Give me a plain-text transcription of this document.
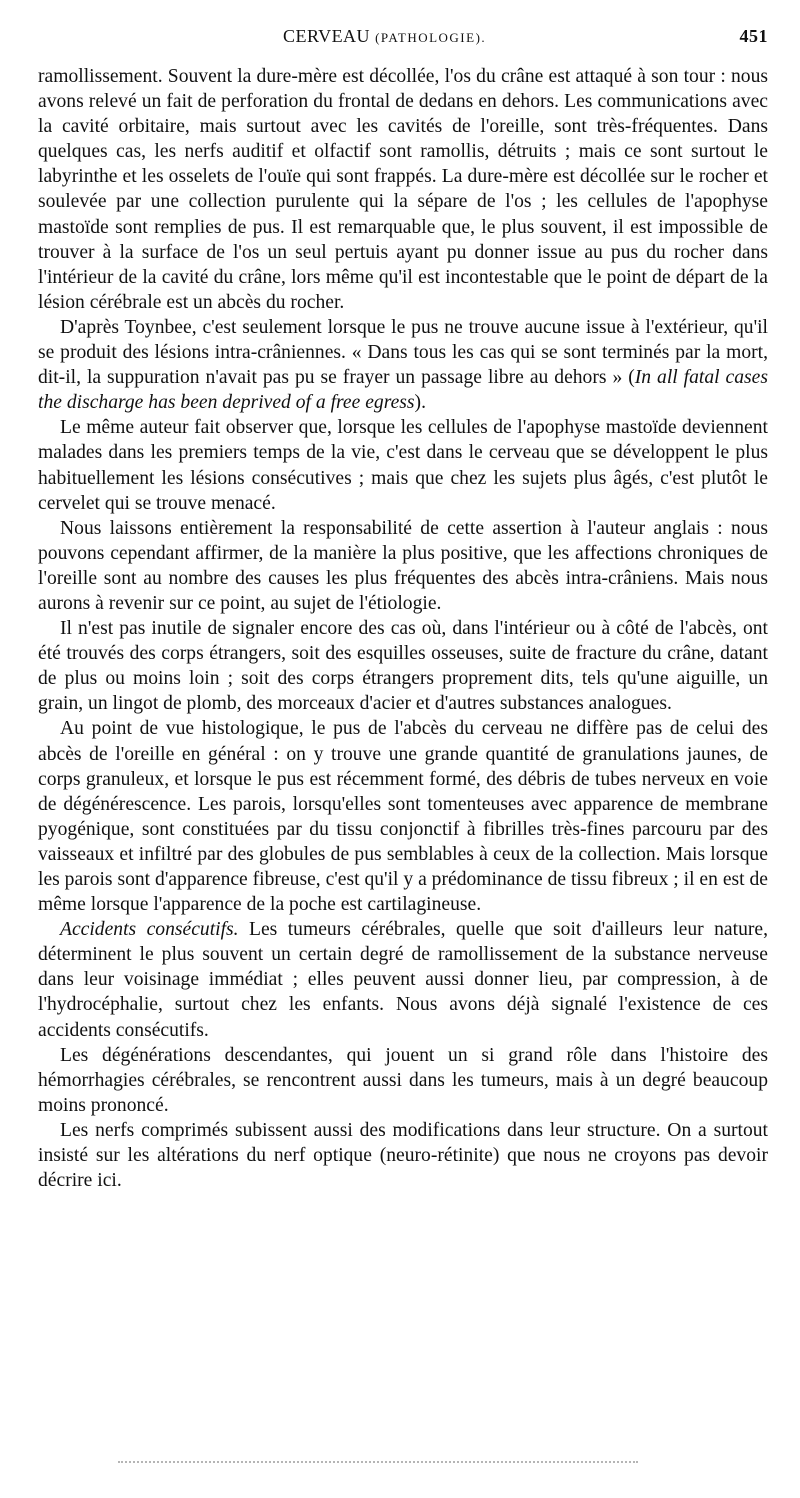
CERVEAU (PATHOLOGIE).	451

ramollissement. Souvent la dure-mère est décollée, l'os du crâne est attaqué à son tour : nous avons relevé un fait de perforation du frontal de dedans en dehors. Les communications avec la cavité orbitaire, mais surtout avec les cavités de l'oreille, sont très-fréquentes. Dans quelques cas, les nerfs auditif et olfactif sont ramollis, détruits ; mais ce sont surtout le labyrinthe et les osselets de l'ouïe qui sont frappés. La dure-mère est décollée sur le rocher et soulevée par une collection purulente qui la sépare de l'os ; les cellules de l'apophyse mastoïde sont remplies de pus. Il est remarquable que, le plus souvent, il est impossible de trouver à la surface de l'os un seul pertuis ayant pu donner issue au pus du rocher dans l'intérieur de la cavité du crâne, lors même qu'il est incontestable que le point de départ de la lésion cérébrale est un abcès du rocher.

D'après Toynbee, c'est seulement lorsque le pus ne trouve aucune issue à l'extérieur, qu'il se produit des lésions intra-crâniennes. « Dans tous les cas qui se sont terminés par la mort, dit-il, la suppuration n'avait pas pu se frayer un passage libre au dehors » (In all fatal cases the discharge has been deprived of a free egress).

Le même auteur fait observer que, lorsque les cellules de l'apophyse mastoïde deviennent malades dans les premiers temps de la vie, c'est dans le cerveau que se développent le plus habituellement les lésions consécutives ; mais que chez les sujets plus âgés, c'est plutôt le cervelet qui se trouve menacé.

Nous laissons entièrement la responsabilité de cette assertion à l'auteur anglais : nous pouvons cependant affirmer, de la manière la plus positive, que les affections chroniques de l'oreille sont au nombre des causes les plus fréquentes des abcès intra-crâniens. Mais nous aurons à revenir sur ce point, au sujet de l'étiologie.

Il n'est pas inutile de signaler encore des cas où, dans l'intérieur ou à côté de l'abcès, ont été trouvés des corps étrangers, soit des esquilles osseuses, suite de fracture du crâne, datant de plus ou moins loin ; soit des corps étrangers proprement dits, tels qu'une aiguille, un grain, un lingot de plomb, des morceaux d'acier et d'autres substances analogues.

Au point de vue histologique, le pus de l'abcès du cerveau ne diffère pas de celui des abcès de l'oreille en général : on y trouve une grande quantité de granulations jaunes, de corps granuleux, et lorsque le pus est récemment formé, des débris de tubes nerveux en voie de dégénérescence. Les parois, lorsqu'elles sont tomenteuses avec apparence de membrane pyogénique, sont constituées par du tissu conjonctif à fibrilles très-fines parcouru par des vaisseaux et infiltré par des globules de pus semblables à ceux de la collection. Mais lorsque les parois sont d'apparence fibreuse, c'est qu'il y a prédominance de tissu fibreux ; il en est de même lorsque l'apparence de la poche est cartilagineuse.

Accidents consécutifs. Les tumeurs cérébrales, quelle que soit d'ailleurs leur nature, déterminent le plus souvent un certain degré de ramollissement de la substance nerveuse dans leur voisinage immédiat ; elles peuvent aussi donner lieu, par compression, à de l'hydrocéphalie, surtout chez les enfants. Nous avons déjà signalé l'existence de ces accidents consécutifs.

Les dégénérations descendantes, qui jouent un si grand rôle dans l'histoire des hémorrhagies cérébrales, se rencontrent aussi dans les tumeurs, mais à un degré beaucoup moins prononcé.

Les nerfs comprimés subissent aussi des modifications dans leur structure. On a surtout insisté sur les altérations du nerf optique (neuro-rétinite) que nous ne croyons pas devoir décrire ici.
